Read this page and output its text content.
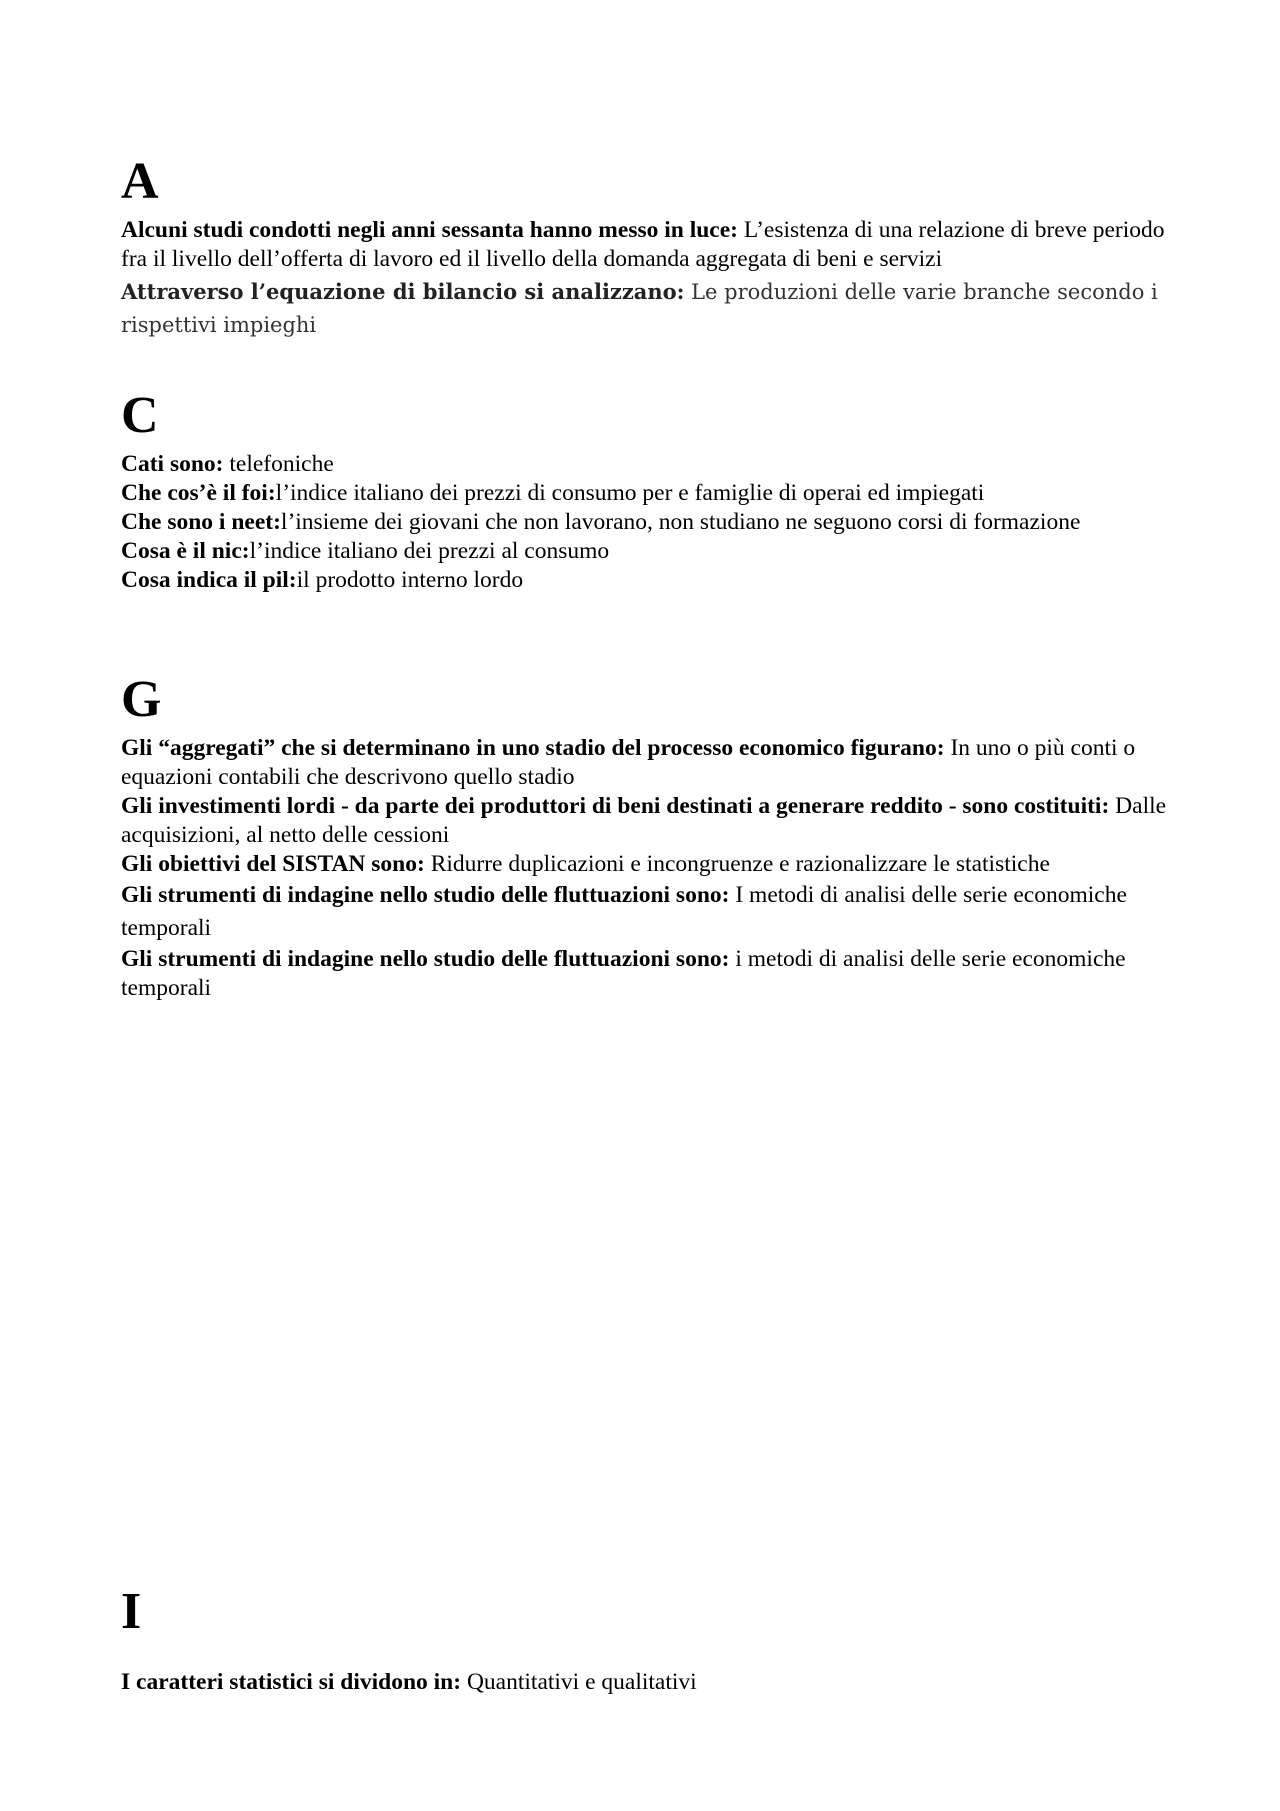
A

Alcuni studi condotti negli anni sessanta hanno messo in luce: L’esistenza di una relazione di breve periodo fra il livello dell’offerta di lavoro ed il livello della domanda aggregata di beni e servizi

Attraverso l’equazione di bilancio si analizzano: Le produzioni delle varie branche secondo i rispettivi impieghi

C

Cati sono: telefoniche

Che cos’è il foi:l’indice italiano dei prezzi di consumo per e famiglie di operai ed impiegati

Che sono i neet:l’insieme dei giovani che non lavorano, non studiano ne seguono corsi di formazione

Cosa è il nic:l’indice italiano dei prezzi al consumo

Cosa indica il pil:il prodotto interno lordo

G

Gli “aggregati” che si determinano in uno stadio del processo economico figurano: In uno o più conti o equazioni contabili che descrivono quello stadio

Gli investimenti lordi - da parte dei produttori di beni destinati a generare reddito - sono costituiti: Dalle acquisizioni, al netto delle cessioni

Gli obiettivi del SISTAN sono: Ridurre duplicazioni e incongruenze e razionalizzare le statistiche

Gli strumenti di indagine nello studio delle fluttuazioni sono: I metodi di analisi delle serie economiche temporali

Gli strumenti di indagine nello studio delle fluttuazioni sono: i metodi di analisi delle serie economiche temporali

I

I caratteri statistici si dividono in: Quantitativi e qualitativi
